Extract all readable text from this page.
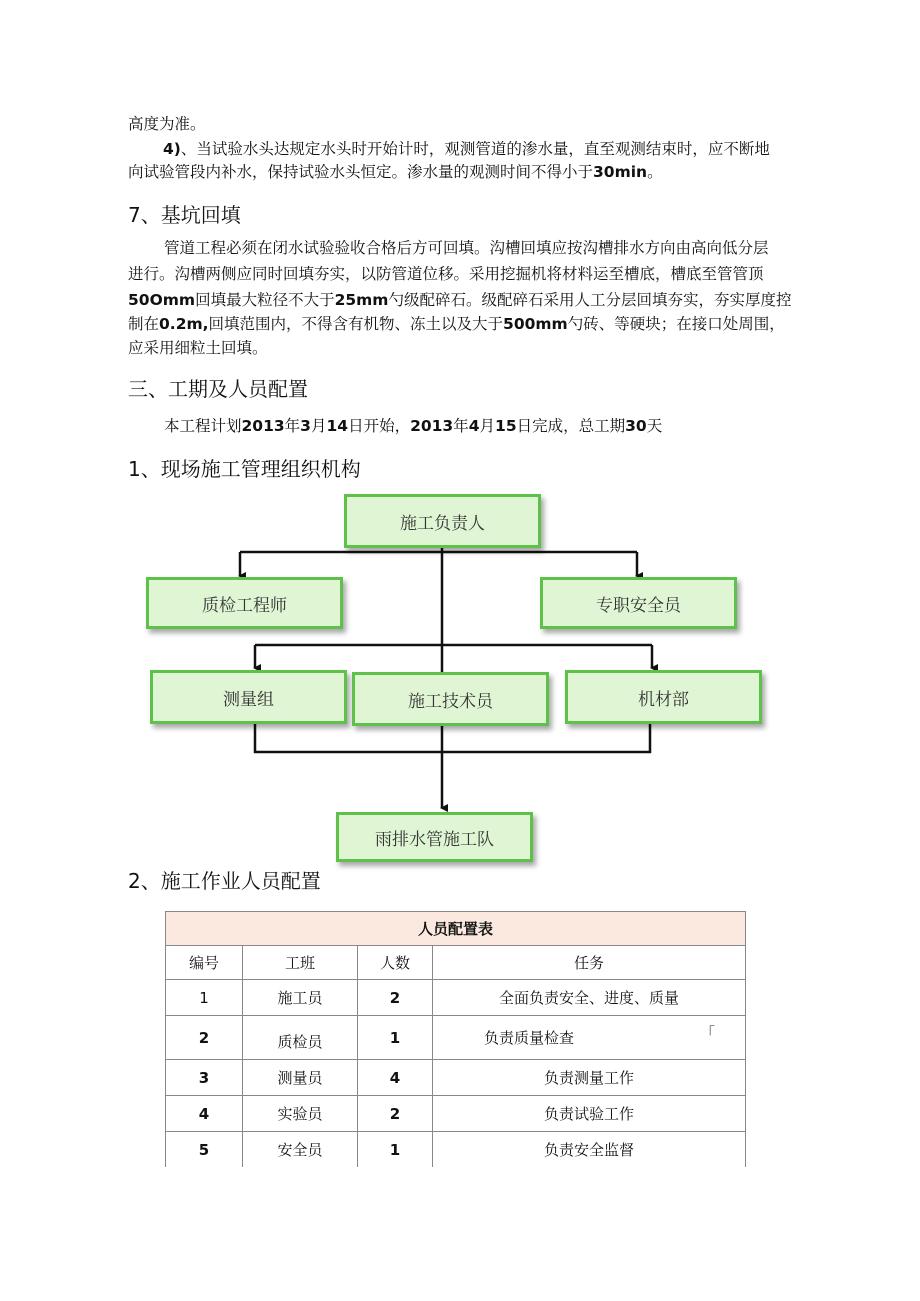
高度为准。
4)、当试验水头达规定水头时开始计时，观测管道的渗水量，直至观测结束时，应不断地
向试验管段内补水，保持试验水头恒定。渗水量的观测时间不得小于30min。
7、基坑回填
管道工程必须在闭水试验验收合格后方可回填。沟槽回填应按沟槽排水方向由高向低分层
进行。沟槽两侧应同时回填夯实，以防管道位移。采用挖掘机将材料运至槽底，槽底至管管顶
50Omm回填最大粒径不大于25mm勺级配碎石。级配碎石采用人工分层回填夯实，夯实厚度控
制在0.2m,回填范围内，不得含有机物、冻土以及大于500mm勺砖、等硬块；在接口处周围，
应采用细粒土回填。
三、工期及人员配置
本工程计划2013年3月14日开始，2013年4月15日完成，总工期30天
1、现场施工管理组织机构
施工负责人
质检工程师	专职安全员
测量组	施工技术员	机材部
雨排水管施工队
2、施工作业人员配置
人员配置表			
编号	工班	人数	任务
1	施工员	2	全面负责安全、进度、质量
2	质检员	1	负责质量检查 「

3	测量员	4	负责测量工作
4	实验员	2	负责试验工作
5	安全员	1	负责安全监督
